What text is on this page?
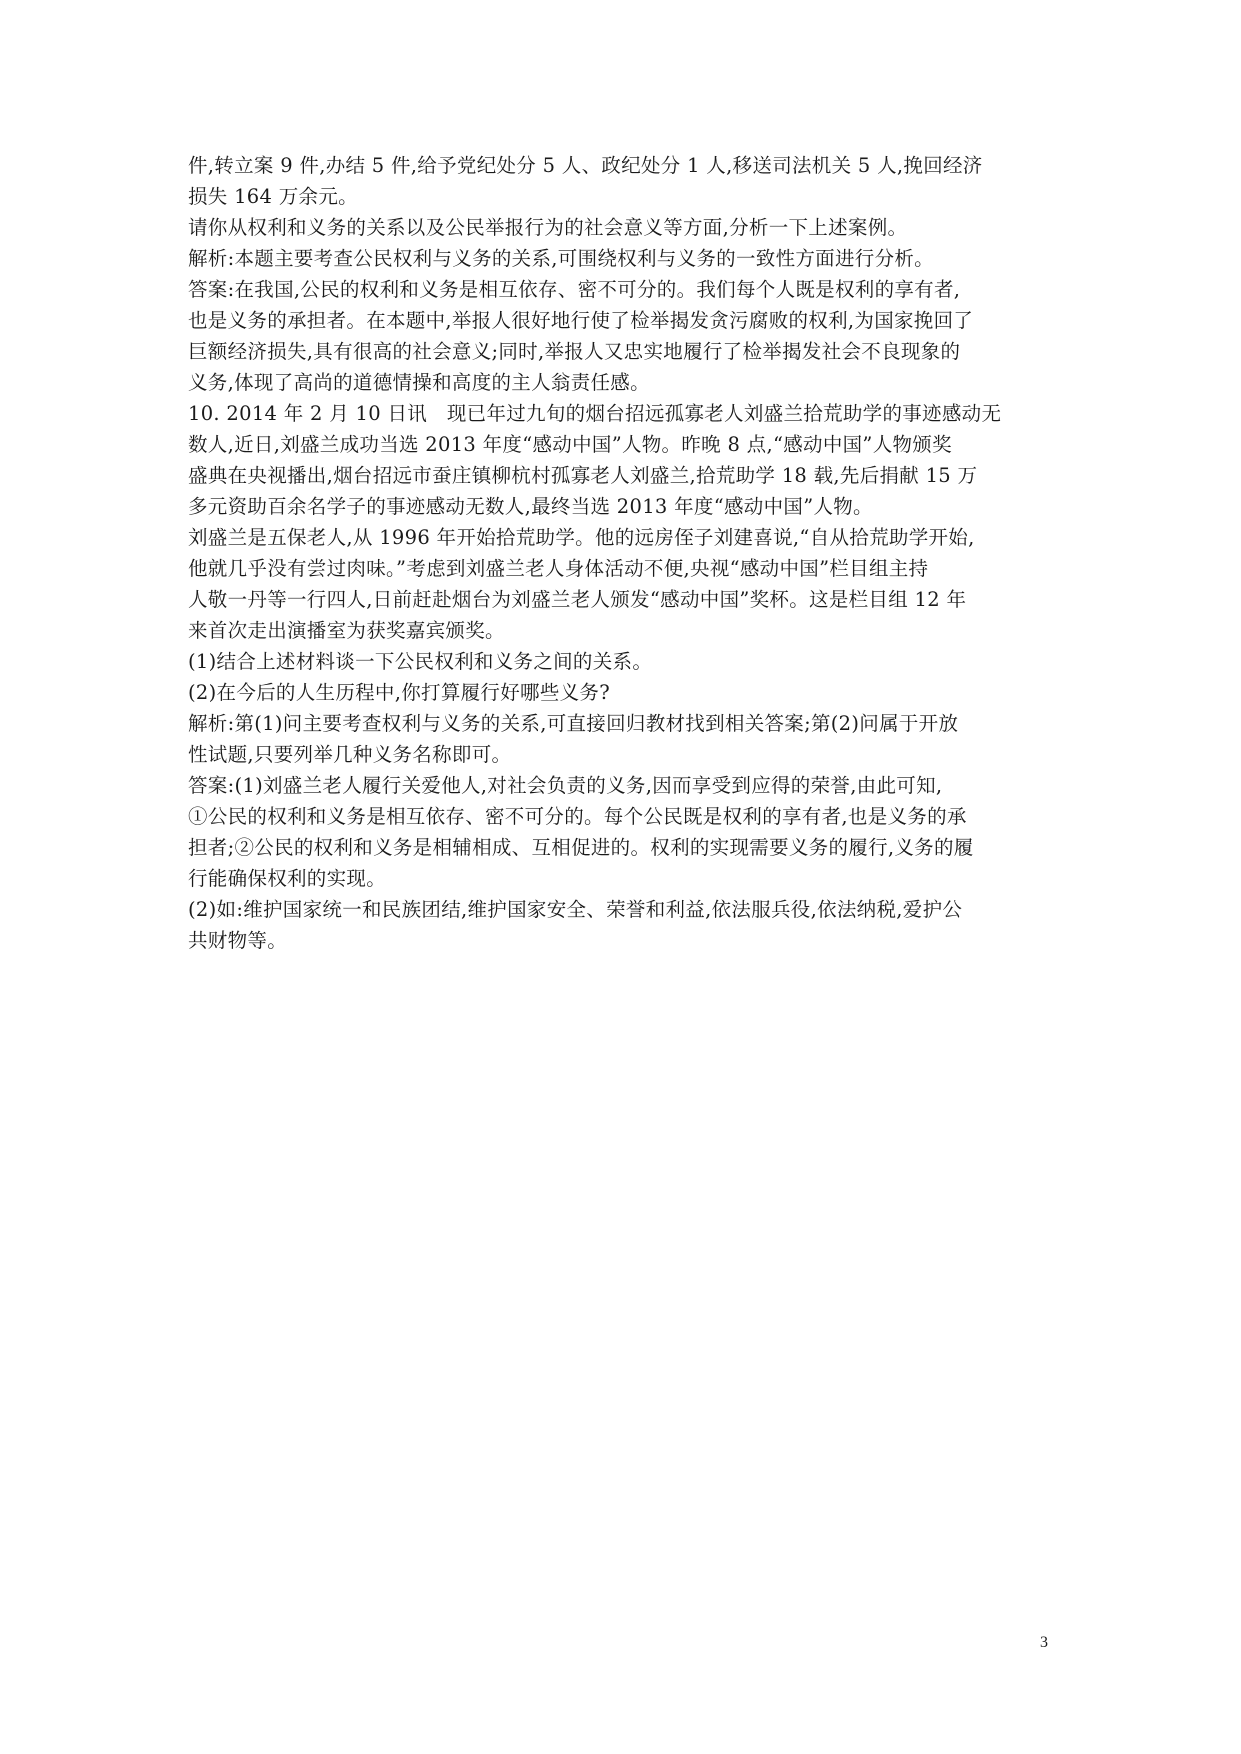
件,转立案 9 件,办结 5 件,给予党纪处分 5 人、政纪处分 1 人,移送司法机关 5 人,挽回经济
损失 164 万余元。
请你从权利和义务的关系以及公民举报行为的社会意义等方面,分析一下上述案例。
解析:本题主要考查公民权利与义务的关系,可围绕权利与义务的一致性方面进行分析。
答案:在我国,公民的权利和义务是相互依存、密不可分的。我们每个人既是权利的享有者,
也是义务的承担者。在本题中,举报人很好地行使了检举揭发贪污腐败的权利,为国家挽回了
巨额经济损失,具有很高的社会意义;同时,举报人又忠实地履行了检举揭发社会不良现象的
义务,体现了高尚的道德情操和高度的主人翁责任感。
10. 2014 年 2 月 10 日讯　现已年过九旬的烟台招远孤寡老人刘盛兰拾荒助学的事迹感动无
数人,近日,刘盛兰成功当选 2013 年度“感动中国”人物。昨晚 8 点,“感动中国”人物颁奖
盛典在央视播出,烟台招远市蚕庄镇柳杭村孤寡老人刘盛兰,拾荒助学 18 载,先后捐献 15 万
多元资助百余名学子的事迹感动无数人,最终当选 2013 年度“感动中国”人物。
刘盛兰是五保老人,从 1996 年开始拾荒助学。他的远房侄子刘建喜说,“自从拾荒助学开始,
他就几乎没有尝过肉味。”考虑到刘盛兰老人身体活动不便,央视“感动中国”栏目组主持
人敬一丹等一行四人,日前赶赴烟台为刘盛兰老人颁发“感动中国”奖杯。这是栏目组 12 年
来首次走出演播室为获奖嘉宾颁奖。
(1)结合上述材料谈一下公民权利和义务之间的关系。
(2)在今后的人生历程中,你打算履行好哪些义务?
解析:第(1)问主要考查权利与义务的关系,可直接回归教材找到相关答案;第(2)问属于开放
性试题,只要列举几种义务名称即可。
答案:(1)刘盛兰老人履行关爱他人,对社会负责的义务,因而享受到应得的荣誉,由此可知,
①公民的权利和义务是相互依存、密不可分的。每个公民既是权利的享有者,也是义务的承
担者;②公民的权利和义务是相辅相成、互相促进的。权利的实现需要义务的履行,义务的履
行能确保权利的实现。
(2)如:维护国家统一和民族团结,维护国家安全、荣誉和利益,依法服兵役,依法纳税,爱护公
共财物等。
3
